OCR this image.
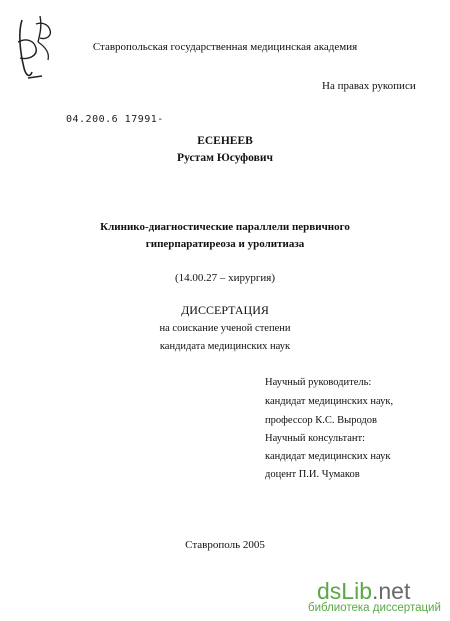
Ставропольская государственная медицинская академия
На правах рукописи
04.200.6 17991-
ЕСЕНЕЕВ
Рустам Юсуфович
Клинико-диагностические параллели первичного
гиперпаратиреоза и уролитиаза
(14.00.27 – хирургия)
ДИССЕРТАЦИЯ
на соискание ученой степени
кандидата медицинских наук
Научный руководитель:
кандидат медицинских наук,
профессор К.С. Выродов
Научный консультант:
кандидат медицинских наук
доцент П.И. Чумаков
Ставрополь 2005
dsLib.net
библиотека диссертаций
